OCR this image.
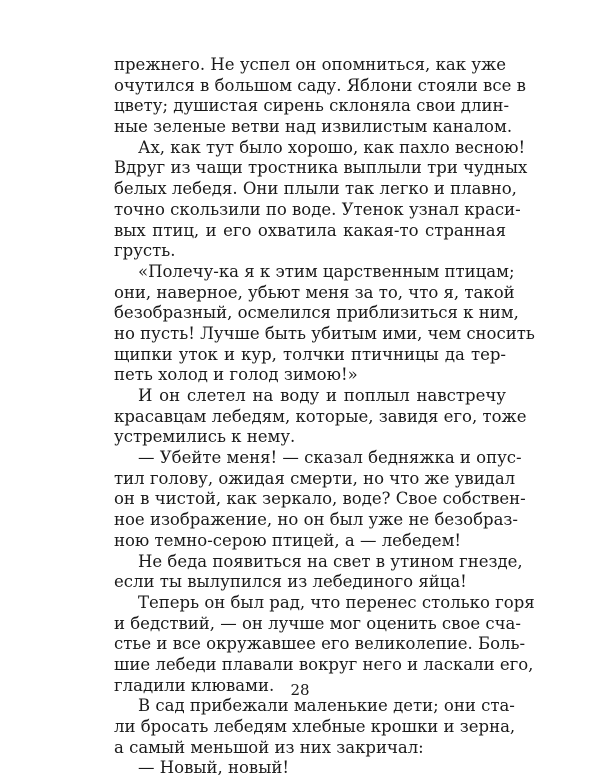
прежнего. Не успел он опомниться, как уже
очутился в большом саду. Яблони стояли все в
цвету; душистая сирень склоняла свои длин-
ные зеленые ветви над извилистым каналом.
Ах, как тут было хорошо, как пахло весною!
Вдруг из чащи тростника выплыли три чудных
белых лебедя. Они плыли так легко и плавно,
точно скользили по воде. Утенок узнал краси-
вых птиц, и его охватила какая-то странная
грусть.
«Полечу-ка я к этим царственным птицам;
они, наверное, убьют меня за то, что я, такой
безобразный, осмелился приблизиться к ним,
но пусть! Лучше быть убитым ими, чем сносить
щипки уток и кур, толчки птичницы да тер-
петь холод и голод зимою!»
И он слетел на воду и поплыл навстречу
красавцам лебедям, которые, завидя его, тоже
устремились к нему.
— Убейте меня! — сказал бедняжка и опус-
тил голову, ожидая смерти, но что же увидал
он в чистой, как зеркало, воде? Свое собствен-
ное изображение, но он был уже не безобраз-
ною темно-серою птицей, а — лебедем!
Не беда появиться на свет в утином гнезде,
если ты вылупился из лебединого яйца!
Теперь он был рад, что перенес столько горя
и бедствий, — он лучше мог оценить свое сча-
стье и все окружавшее его великолепие. Боль-
шие лебеди плавали вокруг него и ласкали его,
гладили клювами.
В сад прибежали маленькие дети; они ста-
ли бросать лебедям хлебные крошки и зерна,
а самый меньшой из них закричал:
— Новый, новый!
28
